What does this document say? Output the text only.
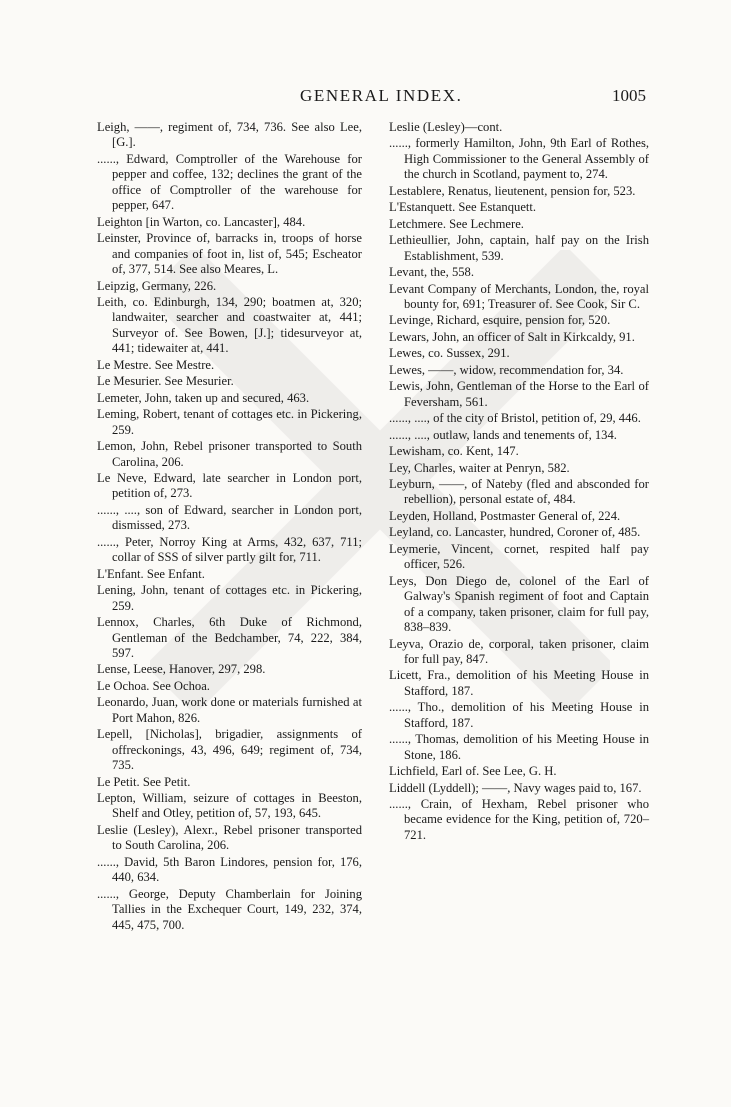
GENERAL INDEX.	1005

Leigh, ——, regiment of, 734, 736. See also Lee, [G.].

......, Edward, Comptroller of the Warehouse for pepper and coffee, 132; declines the grant of the office of Comptroller of the warehouse for pepper, 647.

Leighton [in Warton, co. Lancaster], 484.

Leinster, Province of, barracks in, troops of horse and companies of foot in, list of, 545; Escheator of, 377, 514. See also Meares, L.

Leipzig, Germany, 226.

Leith, co. Edinburgh, 134, 290; boatmen at, 320; landwaiter, searcher and coastwaiter at, 441; Surveyor of. See Bowen, [J.]; tidesurveyor at, 441; tidewaiter at, 441.

Le Mestre. See Mestre.

Le Mesurier. See Mesurier.

Lemeter, John, taken up and secured, 463.

Leming, Robert, tenant of cottages etc. in Pickering, 259.

Lemon, John, Rebel prisoner transported to South Carolina, 206.

Le Neve, Edward, late searcher in London port, petition of, 273.

......, ...., son of Edward, searcher in London port, dismissed, 273.

......, Peter, Norroy King at Arms, 432, 637, 711; collar of SSS of silver partly gilt for, 711.

L'Enfant. See Enfant.

Lening, John, tenant of cottages etc. in Pickering, 259.

Lennox, Charles, 6th Duke of Richmond, Gentleman of the Bedchamber, 74, 222, 384, 597.

Lense, Leese, Hanover, 297, 298.

Le Ochoa. See Ochoa.

Leonardo, Juan, work done or materials furnished at Port Mahon, 826.

Lepell, [Nicholas], brigadier, assignments of offreckonings, 43, 496, 649; regiment of, 734, 735.

Le Petit. See Petit.

Lepton, William, seizure of cottages in Beeston, Shelf and Otley, petition of, 57, 193, 645.

Leslie (Lesley), Alexr., Rebel prisoner transported to South Carolina, 206.

......, David, 5th Baron Lindores, pension for, 176, 440, 634.

......, George, Deputy Chamberlain for Joining Tallies in the Exchequer Court, 149, 232, 374, 445, 475, 700.

Leslie (Lesley)—cont.

......, formerly Hamilton, John, 9th Earl of Rothes, High Commissioner to the General Assembly of the church in Scotland, payment to, 274.

Lestablere, Renatus, lieutenent, pension for, 523.

L'Estanquett. See Estanquett.

Letchmere. See Lechmere.

Lethieullier, John, captain, half pay on the Irish Establishment, 539.

Levant, the, 558.

Levant Company of Merchants, London, the, royal bounty for, 691; Treasurer of. See Cook, Sir C.

Levinge, Richard, esquire, pension for, 520.

Lewars, John, an officer of Salt in Kirkcaldy, 91.

Lewes, co. Sussex, 291.

Lewes, ——, widow, recommendation for, 34.

Lewis, John, Gentleman of the Horse to the Earl of Feversham, 561.

......, ...., of the city of Bristol, petition of, 29, 446.

......, ...., outlaw, lands and tenements of, 134.

Lewisham, co. Kent, 147.

Ley, Charles, waiter at Penryn, 582.

Leyburn, ——, of Nateby (fled and absconded for rebellion), personal estate of, 484.

Leyden, Holland, Postmaster General of, 224.

Leyland, co. Lancaster, hundred, Coroner of, 485.

Leymerie, Vincent, cornet, respited half pay officer, 526.

Leys, Don Diego de, colonel of the Earl of Galway's Spanish regiment of foot and Captain of a company, taken prisoner, claim for full pay, 838–839.

Leyva, Orazio de, corporal, taken prisoner, claim for full pay, 847.

Licett, Fra., demolition of his Meeting House in Stafford, 187.

......, Tho., demolition of his Meeting House in Stafford, 187.

......, Thomas, demolition of his Meeting House in Stone, 186.

Lichfield, Earl of. See Lee, G. H.

Liddell (Lyddell); ——, Navy wages paid to, 167.

......, Crain, of Hexham, Rebel prisoner who became evidence for the King, petition of, 720–721.
